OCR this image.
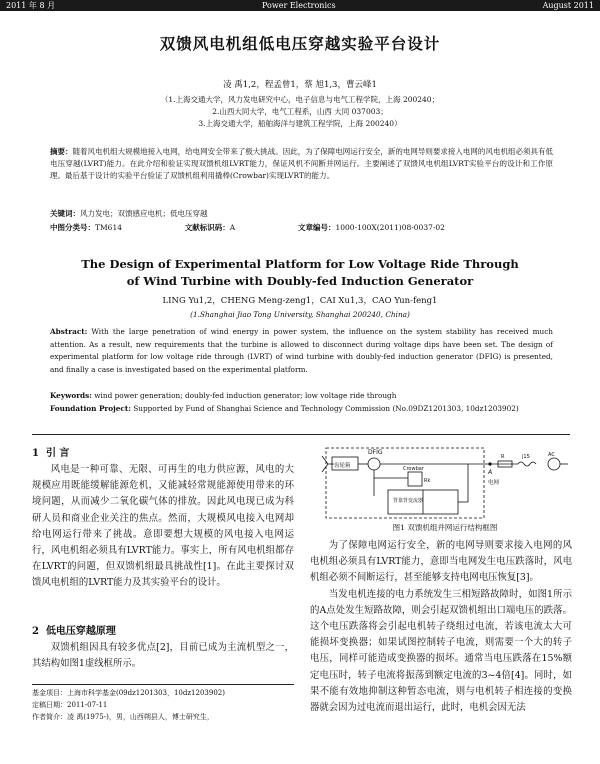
2011 年 8 月	Power Electronics	August 2011
双馈风电机组低电压穿越实验平台设计
凌 禹1,2，程孟曾1，蔡 旭1,3，曹云峰1
（1.上海交通大学，风力发电研究中心，电子信息与电气工程学院，上海 200240；
2.山西大同大学，电气工程系，山西 大同 037003；
3.上海交通大学，船舶海洋与建筑工程学院，上海 200240）
摘要：随着风电机组大规模地接入电网，给电网安全带来了极大挑战。因此，为了保障电网运行安全，新的电网导则要求接入电网的风电机组必须具有低电压穿越(LVRT)能力。在此介绍和验证实现双馈机组LVRT能力，保证风机不间断并网运行。主要阐述了双馈风电机组LVRT实验平台的设计和工作原理。最后基于设计的实验平台验证了双馈机组利用撬棒(Crowbar)实现LVRT的能力。
关键词：风力发电；双馈感应电机；低电压穿越
中图分类号：TM614	文献标识码：A	文章编号：1000-100X(2011)08-0037-02
The Design of Experimental Platform for Low Voltage Ride Through
of Wind Turbine with Doubly-fed Induction Generator
LING Yu1,2，CHENG Meng-zeng1，CAI Xu1,3，CAO Yun-feng1
(1.Shanghai Jiao Tong University, Shanghai 200240, China)
Abstract: With the large penetration of wind energy in power system, the influence on the system stability has received much attention. As a result, new requirements that the turbine is allowed to disconnect during voltage dips have been set. The design of experimental platform for low voltage ride through (LVRT) of wind turbine with doubly-fed induction generator (DFIG) is presented, and finally a case is investigated based on the experimental platform.
Keywords: wind power generation; doubly-fed induction generator; low voltage ride through
Foundation Project: Supported by Fund of Shanghai Science and Technology Commission (No.09DZ1201303, 10dz1203902)
1 引 言

风电是一种可靠、无限、可再生的电力供应源，风电的大规模应用既能缓解能源危机，又能减轻常规能源使用带来的环境问题，从而减少二氧化碳气体的排放。因此风电现已成为科研人员和商业企业关注的焦点。然而，大规模风电接入电网却给电网运行带来了挑战。意即要想大规模的风电接入电网运行，风电机组必须具有LVRT能力。事实上，所有风电机组都存在LVRT的问题，但双馈机组最具挑战性[1]。在此主要探讨双馈风电机组的LVRT能力及其实验平台的设计。

2 低电压穿越原理

双馈机组因具有较多优点[2]，目前已成为主流机型之一，其结构如图1虚线框所示。

基金项目：上海市科学基金(09dz1201303，10dz1203902)
定稿日期：2011-07-11
作者简介：凌 禹(1975-)，男，山西朔县人，博士研究生，
齿轮箱
DFIG
Crowbar
Rk
背靠背变流器
R	j15	AC
A
电网
图1 双馈机组并网运行结构框图

为了保障电网运行安全，新的电网导则要求接入电网的风电机组必须具有LVRT能力，意即当电网发生电压跌落时，风电机组必须不间断运行，甚至能够支持电网电压恢复[3]。

当发电机连接的电力系统发生三相短路故障时，如图1所示的A点处发生短路故障，则会引起双馈机组出口端电压的跌落。这个电压跌落将会引起电机转子绕组过电流，若该电流太大可能损坏变换器；如果试图控制转子电流，则需要一个大的转子电压，同样可能造成变换器的损坏。通常当电压跌落在15%额定电压时，转子电流将振荡到额定电流的3~4倍[4]。同时，如果不能有效地抑制这种暂态电流，则与电机转子相连接的变换器就会因为过电流而退出运行，此时，电机会因无法
